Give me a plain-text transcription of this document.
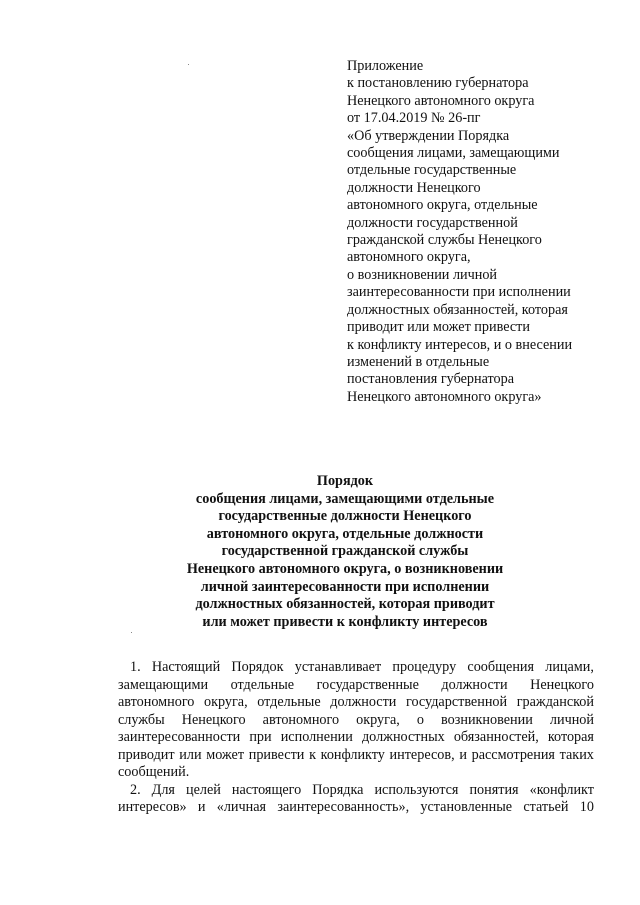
Приложение
к постановлению губернатора
Ненецкого автономного округа
от 17.04.2019 № 26-пг
«Об утверждении Порядка
сообщения лицами, замещающими
отдельные государственные
должности Ненецкого
автономного округа, отдельные
должности государственной
гражданской службы Ненецкого
автономного округа,
о возникновении личной
заинтересованности при исполнении
должностных обязанностей, которая
приводит или может привести
к конфликту интересов, и о внесении
изменений в отдельные
постановления губернатора
Ненецкого автономного округа»
Порядок
сообщения лицами, замещающими отдельные
государственные должности Ненецкого
автономного округа, отдельные должности
государственной гражданской службы
Ненецкого автономного округа, о возникновении
личной заинтересованности при исполнении
должностных обязанностей, которая приводит
или может привести к конфликту интересов
1. Настоящий Порядок устанавливает процедуру сообщения лицами,
замещающими отдельные государственные должности Ненецкого
автономного округа, отдельные должности государственной гражданской
службы Ненецкого автономного округа, о возникновении личной
заинтересованности при исполнении должностных обязанностей, которая
приводит или может привести к конфликту интересов, и рассмотрения таких
сообщений.
2. Для целей настоящего Порядка используются понятия «конфликт
интересов» и «личная заинтересованность», установленные статьей 10
